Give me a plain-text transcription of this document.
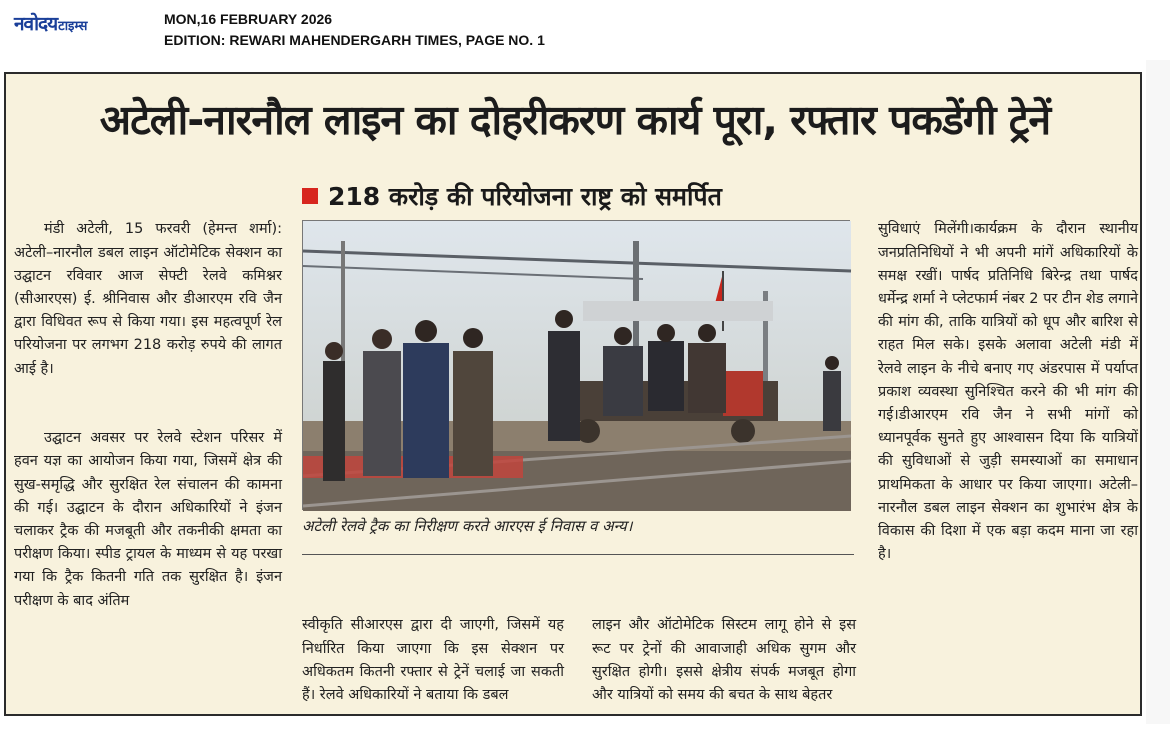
नवोदय टाइम्स	MON,16 FEBRUARY 2026
EDITION: REWARI MAHENDERGARH TIMES, PAGE NO. 1
अटेली-नारनौल लाइन का दोहरीकरण कार्य पूरा, रफ्तार पकडेंगी ट्रेनें

मंडी अटेली, 15 फरवरी (हेमन्त शर्मा): अटेली–नारनौल डबल लाइन ऑटोमेटिक सेक्शन का उद्घाटन रविवार आज सेफ्टी रेलवे कमिश्नर (सीआरएस) ई. श्रीनिवास और डीआरएम रवि जैन द्वारा विधिवत रूप से किया गया। इस महत्वपूर्ण रेल परियोजना पर लगभग 218 करोड़ रुपये की लागत आई है।

उद्घाटन अवसर पर रेलवे स्टेशन परिसर में हवन यज्ञ का आयोजन किया गया, जिसमें क्षेत्र की सुख-समृद्धि और सुरक्षित रेल संचालन की कामना की गई। उद्घाटन के दौरान अधिकारियों ने इंजन चलाकर ट्रैक की मजबूती और तकनीकी क्षमता का परीक्षण किया। स्पीड ट्रायल के माध्यम से यह परखा गया कि ट्रैक कितनी गति तक सुरक्षित है। इंजन परीक्षण के बाद अंतिम

218 करोड़ की परियोजना राष्ट्र को समर्पित
अटेली रेलवे ट्रैक का निरीक्षण करते आरएस ई निवास व अन्य।

स्वीकृति सीआरएस द्वारा दी जाएगी, जिसमें यह निर्धारित किया जाएगा कि इस सेक्शन पर अधिकतम कितनी रफ्तार से ट्रेनें चलाई जा सकती हैं। रेलवे अधिकारियों ने बताया कि डबल

लाइन और ऑटोमेटिक सिस्टम लागू होने से इस रूट पर ट्रेनों की आवाजाही अधिक सुगम और सुरक्षित होगी। इससे क्षेत्रीय संपर्क मजबूत होगा और यात्रियों को समय की बचत के साथ बेहतर

सुविधाएं मिलेंगी।कार्यक्रम के दौरान स्थानीय जनप्रतिनिधियों ने भी अपनी मांगें अधिकारियों के समक्ष रखीं। पार्षद प्रतिनिधि बिरेन्द्र तथा पार्षद धर्मेन्द्र शर्मा ने प्लेटफार्म नंबर 2 पर टीन शेड लगाने की मांग की, ताकि यात्रियों को धूप और बारिश से राहत मिल सके। इसके अलावा अटेली मंडी में रेलवे लाइन के नीचे बनाए गए अंडरपास में पर्याप्त प्रकाश व्यवस्था सुनिश्चित करने की भी मांग की गई।डीआरएम रवि जैन ने सभी मांगों को ध्यानपूर्वक सुनते हुए आश्वासन दिया कि यात्रियों की सुविधाओं से जुड़ी समस्याओं का समाधान प्राथमिकता के आधार पर किया जाएगा। अटेली–नारनौल डबल लाइन सेक्शन का शुभारंभ क्षेत्र के विकास की दिशा में एक बड़ा कदम माना जा रहा है।
